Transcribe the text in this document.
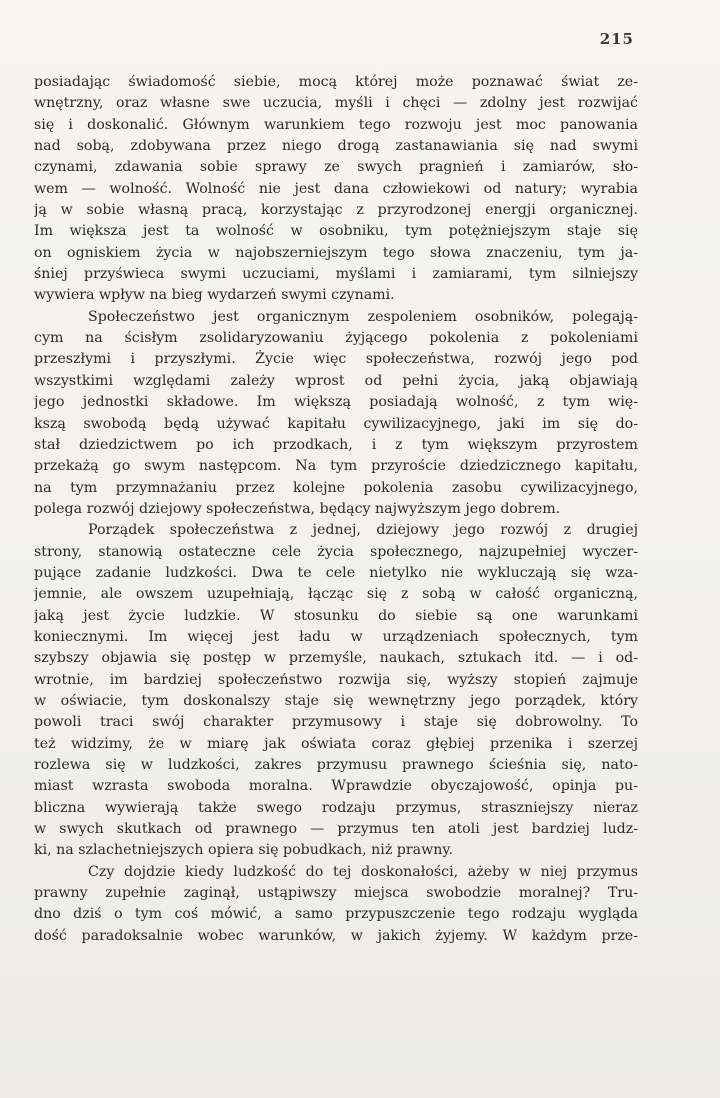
215

posiadając świadomość siebie, mocą której może poznawać świat ze-
wnętrzny, oraz własne swe uczucia, myśli i chęci — zdolny jest rozwijać
się i doskonalić. Głównym warunkiem tego rozwoju jest moc panowania
nad sobą, zdobywana przez niego drogą zastanawiania się nad swymi
czynami, zdawania sobie sprawy ze swych pragnień i zamiarów, sło-
wem — wolność. Wolność nie jest dana człowiekowi od natury; wyrabia
ją w sobie własną pracą, korzystając z przyrodzonej energji organicznej.
Im większa jest ta wolność w osobniku, tym potężniejszym staje się
on ogniskiem życia w najobszerniejszym tego słowa znaczeniu, tym ja-
śniej przyświeca swymi uczuciami, myślami i zamiarami, tym silniejszy
wywiera wpływ na bieg wydarzeń swymi czynami.

Społeczeństwo jest organicznym zespoleniem osobników, polegają-
cym na ścisłym zsolidaryzowaniu żyjącego pokolenia z pokoleniami
przeszłymi i przyszłymi. Życie więc społeczeństwa, rozwój jego pod
wszystkimi względami zależy wprost od pełni życia, jaką objawiają
jego jednostki składowe. Im większą posiadają wolność, z tym wię-
kszą swobodą będą używać kapitału cywilizacyjnego, jaki im się do-
stał dziedzictwem po ich przodkach, i z tym większym przyrostem
przekażą go swym następcom. Na tym przyroście dziedzicznego kapitału,
na tym przymnażaniu przez kolejne pokolenia zasobu cywilizacyjnego,
polega rozwój dziejowy społeczeństwa, będący najwyższym jego dobrem.

Porządek społeczeństwa z jednej, dziejowy jego rozwój z drugiej
strony, stanowią ostateczne cele życia społecznego, najzupełniej wyczer-
pujące zadanie ludzkości. Dwa te cele nietylko nie wykluczają się wza-
jemnie, ale owszem uzupełniają, łącząc się z sobą w całość organiczną,
jaką jest życie ludzkie. W stosunku do siebie są one warunkami
koniecznymi. Im więcej jest ładu w urządzeniach społecznych, tym
szybszy objawia się postęp w przemyśle, naukach, sztukach itd. — i od-
wrotnie, im bardziej społeczeństwo rozwija się, wyższy stopień zajmuje
w oświacie, tym doskonalszy staje się wewnętrzny jego porządek, który
powoli traci swój charakter przymusowy i staje się dobrowolny. To
też widzimy, że w miarę jak oświata coraz głębiej przenika i szerzej
rozlewa się w ludzkości, zakres przymusu prawnego ścieśnia się, nato-
miast wzrasta swoboda moralna. Wprawdzie obyczajowość, opinja pu-
bliczna wywierają także swego rodzaju przymus, straszniejszy nieraz
w swych skutkach od prawnego — przymus ten atoli jest bardziej ludz-
ki, na szlachetniejszych opiera się pobudkach, niż prawny.

Czy dojdzie kiedy ludzkość do tej doskonałości, ażeby w niej przymus
prawny zupełnie zaginął, ustąpiwszy miejsca swobodzie moralnej? Tru-
dno dziś o tym coś mówić, a samo przypuszczenie tego rodzaju wygląda
dość paradoksalnie wobec warunków, w jakich żyjemy. W każdym prze-
